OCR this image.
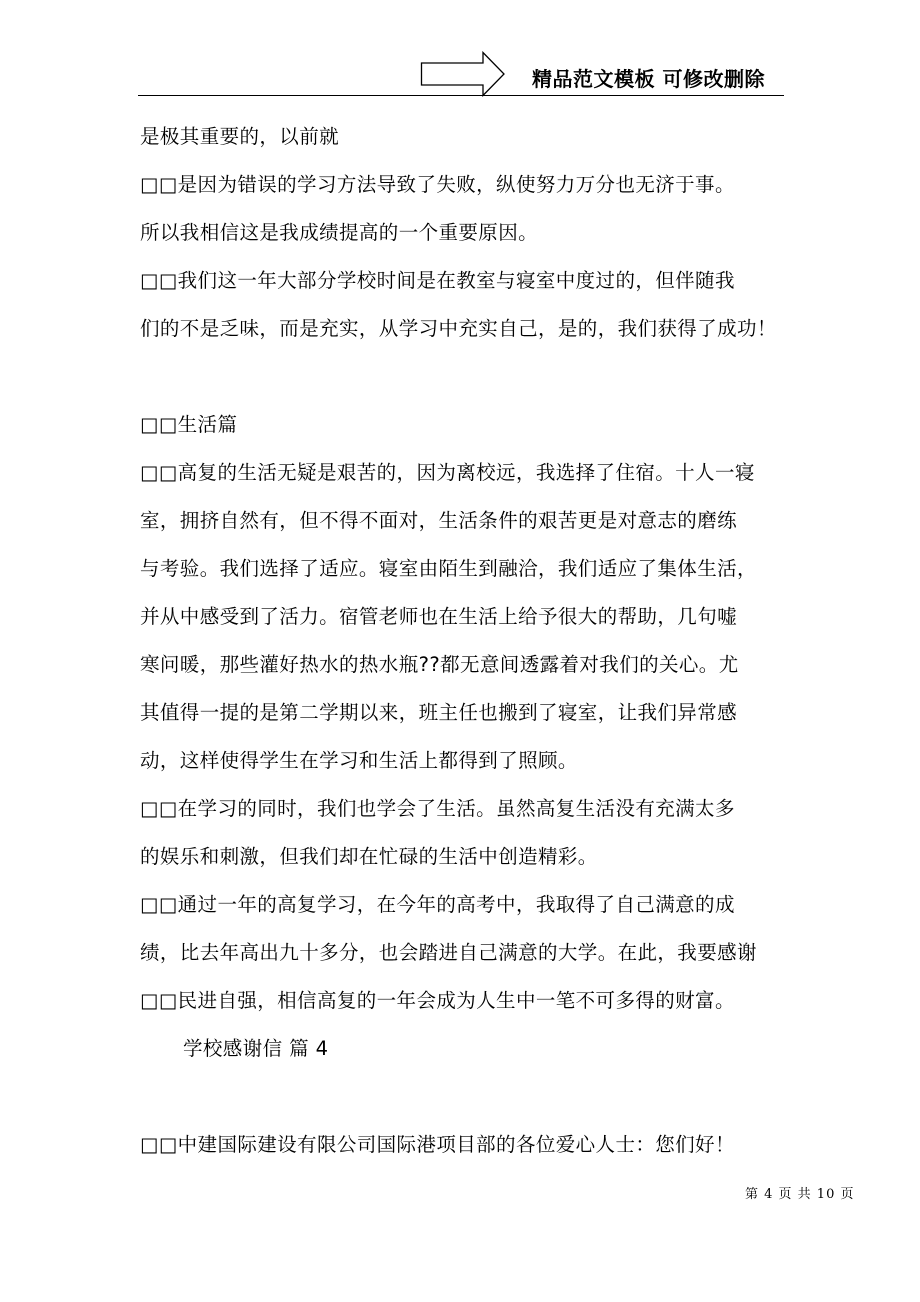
精品范文模板 可修改删除
是极其重要的，以前就
□□是因为错误的学习方法导致了失败，纵使努力万分也无济于事。
所以我相信这是我成绩提高的一个重要原因。
□□我们这一年大部分学校时间是在教室与寝室中度过的，但伴随我
们的不是乏味，而是充实，从学习中充实自己，是的，我们获得了成功！
□□生活篇
□□高复的生活无疑是艰苦的，因为离校远，我选择了住宿。十人一寝
室，拥挤自然有，但不得不面对，生活条件的艰苦更是对意志的磨练
与考验。我们选择了适应。寝室由陌生到融洽，我们适应了集体生活，
并从中感受到了活力。宿管老师也在生活上给予很大的帮助，几句嘘
寒问暖，那些灌好热水的热水瓶??都无意间透露着对我们的关心。尤
其值得一提的是第二学期以来，班主任也搬到了寝室，让我们异常感
动，这样使得学生在学习和生活上都得到了照顾。
□□在学习的同时，我们也学会了生活。虽然高复生活没有充满太多
的娱乐和刺激，但我们却在忙碌的生活中创造精彩。
□□通过一年的高复学习，在今年的高考中，我取得了自己满意的成
绩，比去年高出九十多分，也会踏进自己满意的大学。在此，我要感谢
□□民进自强，相信高复的一年会成为人生中一笔不可多得的财富。
学校感谢信 篇 4
□□中建国际建设有限公司国际港项目部的各位爱心人士：您们好！
第 4 页 共 10 页
